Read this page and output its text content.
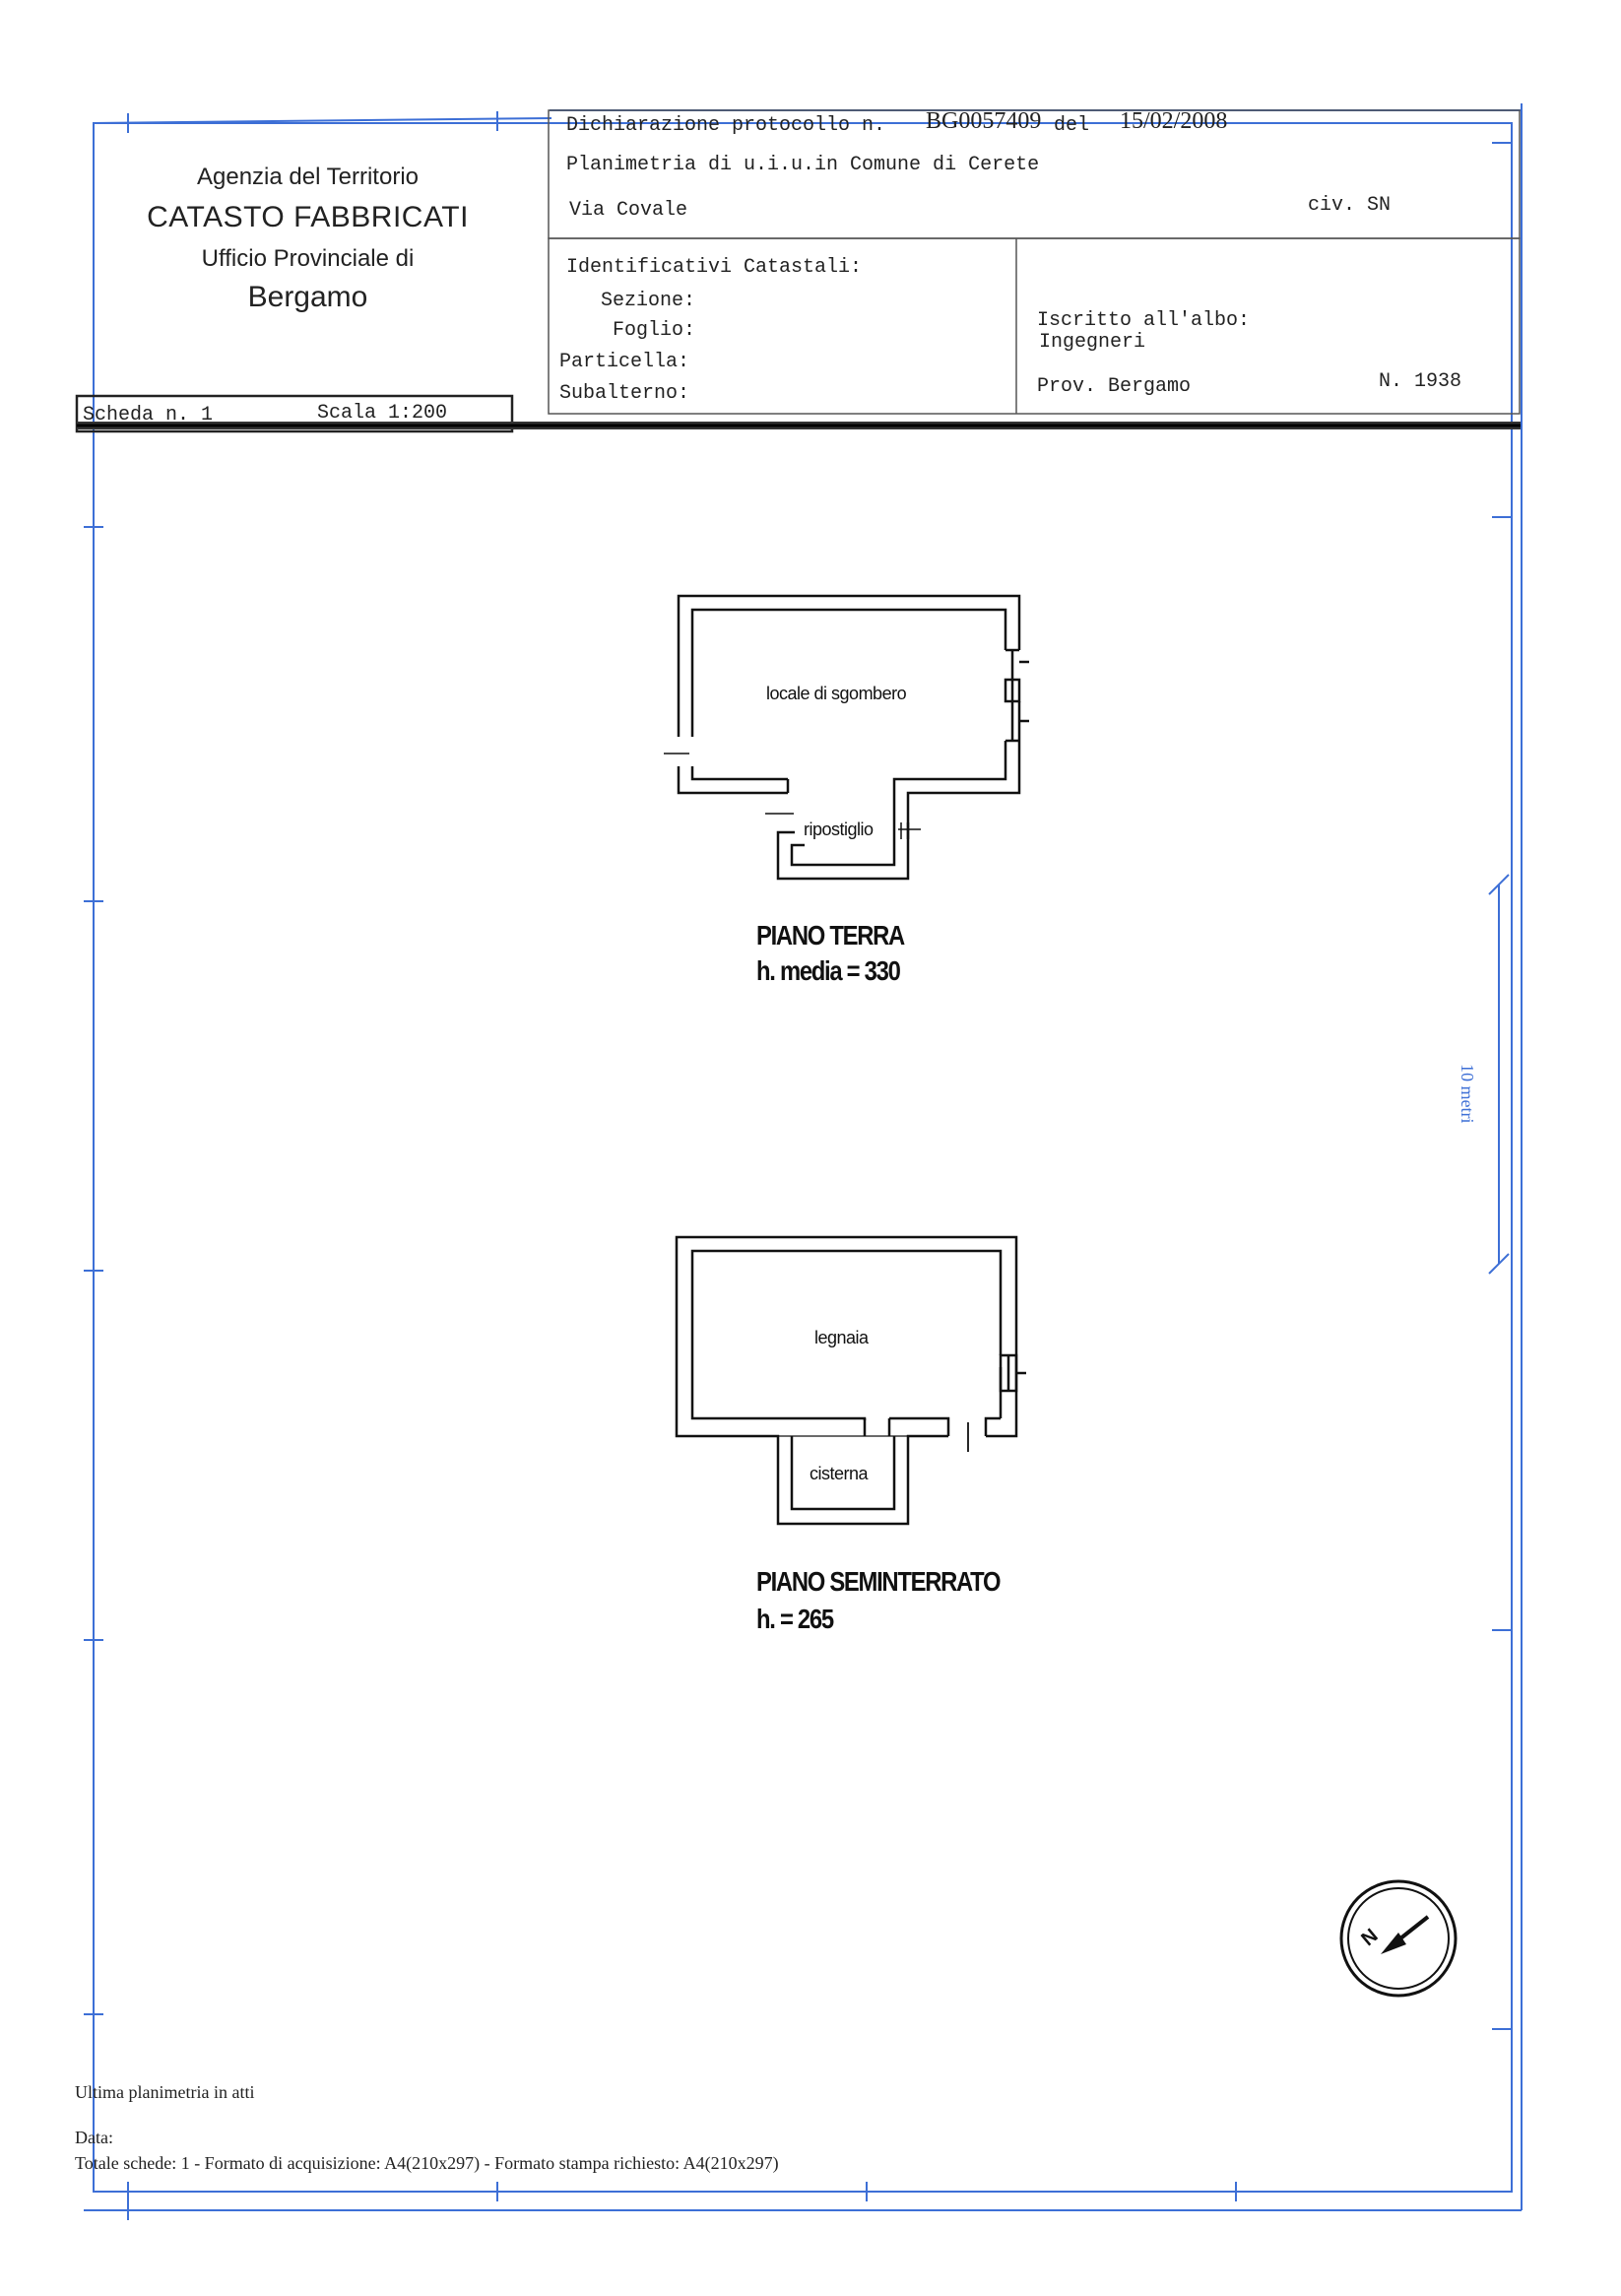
Agenzia del Territorio
CATASTO FABBRICATI
Ufficio Provinciale di
Bergamo
Dichiarazione protocollo n. BG0057409 del 15/02/2008
Planimetria di u.i.u.in Comune di Cerete
Via Covale	civ. SN
Identificativi Catastali:
Sezione:
Foglio:
Particella:
Subalterno:
Iscritto all'albo:
Ingegneri
Prov. Bergamo	N. 1938
Scheda n. 1	Scala 1:200
locale di sgombero
ripostiglio
PIANO TERRA
h. media = 330
legnaia
cisterna
PIANO SEMINTERRATO
h. = 265
10 metri
N
Ultima planimetria in atti
Data:
Totale schede: 1 - Formato di acquisizione: A4(210x297) - Formato stampa richiesto: A4(210x297)
